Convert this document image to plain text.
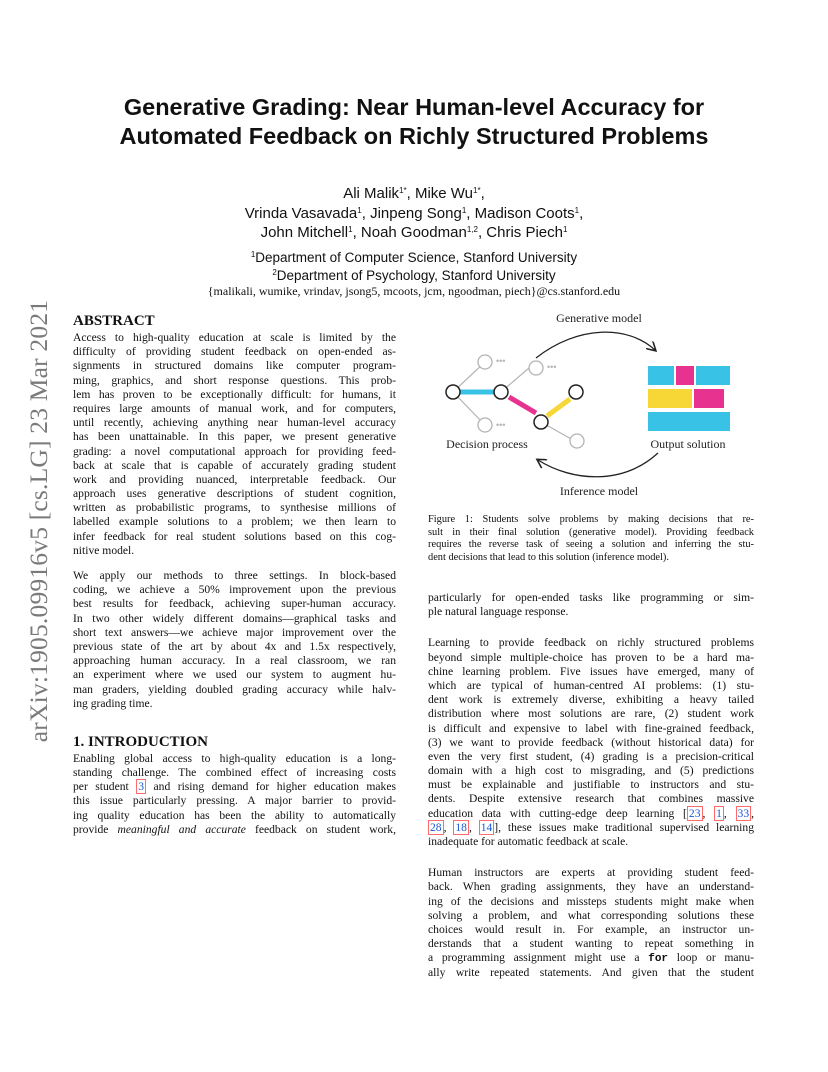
arXiv:1905.09916v5 [cs.LG] 23 Mar 2021
Generative Grading: Near Human-level Accuracy for
Automated Feedback on Richly Structured Problems
Ali Malik$^{1*}$, Mike $Wu^{1*}$,
Vrinda Vasavada$^1$, Jinpeng Song$^1$, Madison Coots$^1$,
John Mitchell$^1$, Noah Goodman$^{1,2}$, Chris Piech$^1$
$^1$Department of Computer Science, Stanford University
$^2$Department of Psychology, Stanford University
{malikali, wumike, vrindav, jsong5, mcoots, jcm, ngoodman, piech}@cs.stanford.edu
ABSTRACT
Access to high-quality education at scale is limited by the
difficulty of providing student feedback on open-ended as-
signments in structured domains like computer program-
ming, graphics, and short response questions. This prob-
lem has proven to be exceptionally difficult: for humans, it
requires large amounts of manual work, and for computers,
until recently, achieving anything near human-level accuracy
has been unattainable. In this paper, we present generative
grading: a novel computational approach for providing feed-
back at scale that is capable of accurately grading student
work and providing nuanced, interpretable feedback. Our
approach uses generative descriptions of student cognition,
written as probabilistic programs, to synthesise millions of
labelled example solutions to a problem; we then learn to
infer feedback for real student solutions based on this cog-
nitive model.
We apply our methods to three settings. In block-based
coding, we achieve a 50% improvement upon the previous
best results for feedback, achieving super-human accuracy.
In two other widely different domains—graphical tasks and
short text answers—we achieve major improvement over the
previous state of the art by about 4x and 1.5x respectively,
approaching human accuracy. In a real classroom, we ran
an experiment where we used our system to augment hu-
man graders, yielding doubled grading accuracy while halv-
ing grading time.
1. INTRODUCTION
Enabling global access to high-quality education is a long-
standing challenge. The combined effect of increasing costs
per student 3 and rising demand for higher education makes
this issue particularly pressing. A major barrier to provid-
ing quality education has been the ability to automatically
provide meaningful and accurate feedback on student work,
Generative model
Inference model
•••
•••
•••
Decision process	Output solution
Figure 1: Students solve problems by making decisions that re-
sult in their final solution (generative model). Providing feedback
requires the reverse task of seeing a solution and inferring the stu-
dent decisions that lead to this solution (inference model).
particularly for open-ended tasks like programming or sim-
ple natural language response.
Learning to provide feedback on richly structured problems
beyond simple multiple-choice has proven to be a hard ma-
chine learning problem. Five issues have emerged, many of
which are typical of human-centred AI problems: (1) stu-
dent work is extremely diverse, exhibiting a heavy tailed
distribution where most solutions are rare, (2) student work
is difficult and expensive to label with fine-grained feedback,
(3) we want to provide feedback (without historical data) for
even the very first student, (4) grading is a precision-critical
domain with a high cost to misgrading, and (5) predictions
must be explainable and justifiable to instructors and stu-
dents. Despite extensive research that combines massive
education data with cutting-edge deep learning [ 23 , 1 , 33 ,
28 , 18 , 14 ], these issues make traditional supervised learning
inadequate for automatic feedback at scale.
Human instructors are experts at providing student feed-
back. When grading assignments, they have an understand-
ing of the decisions and missteps students might make when
solving a problem, and what corresponding solutions these
choices would result in. For example, an instructor un-
derstands that a student wanting to repeat something in
a programming assignment might use a for loop or manu-
ally write repeated statements. And given that the student
